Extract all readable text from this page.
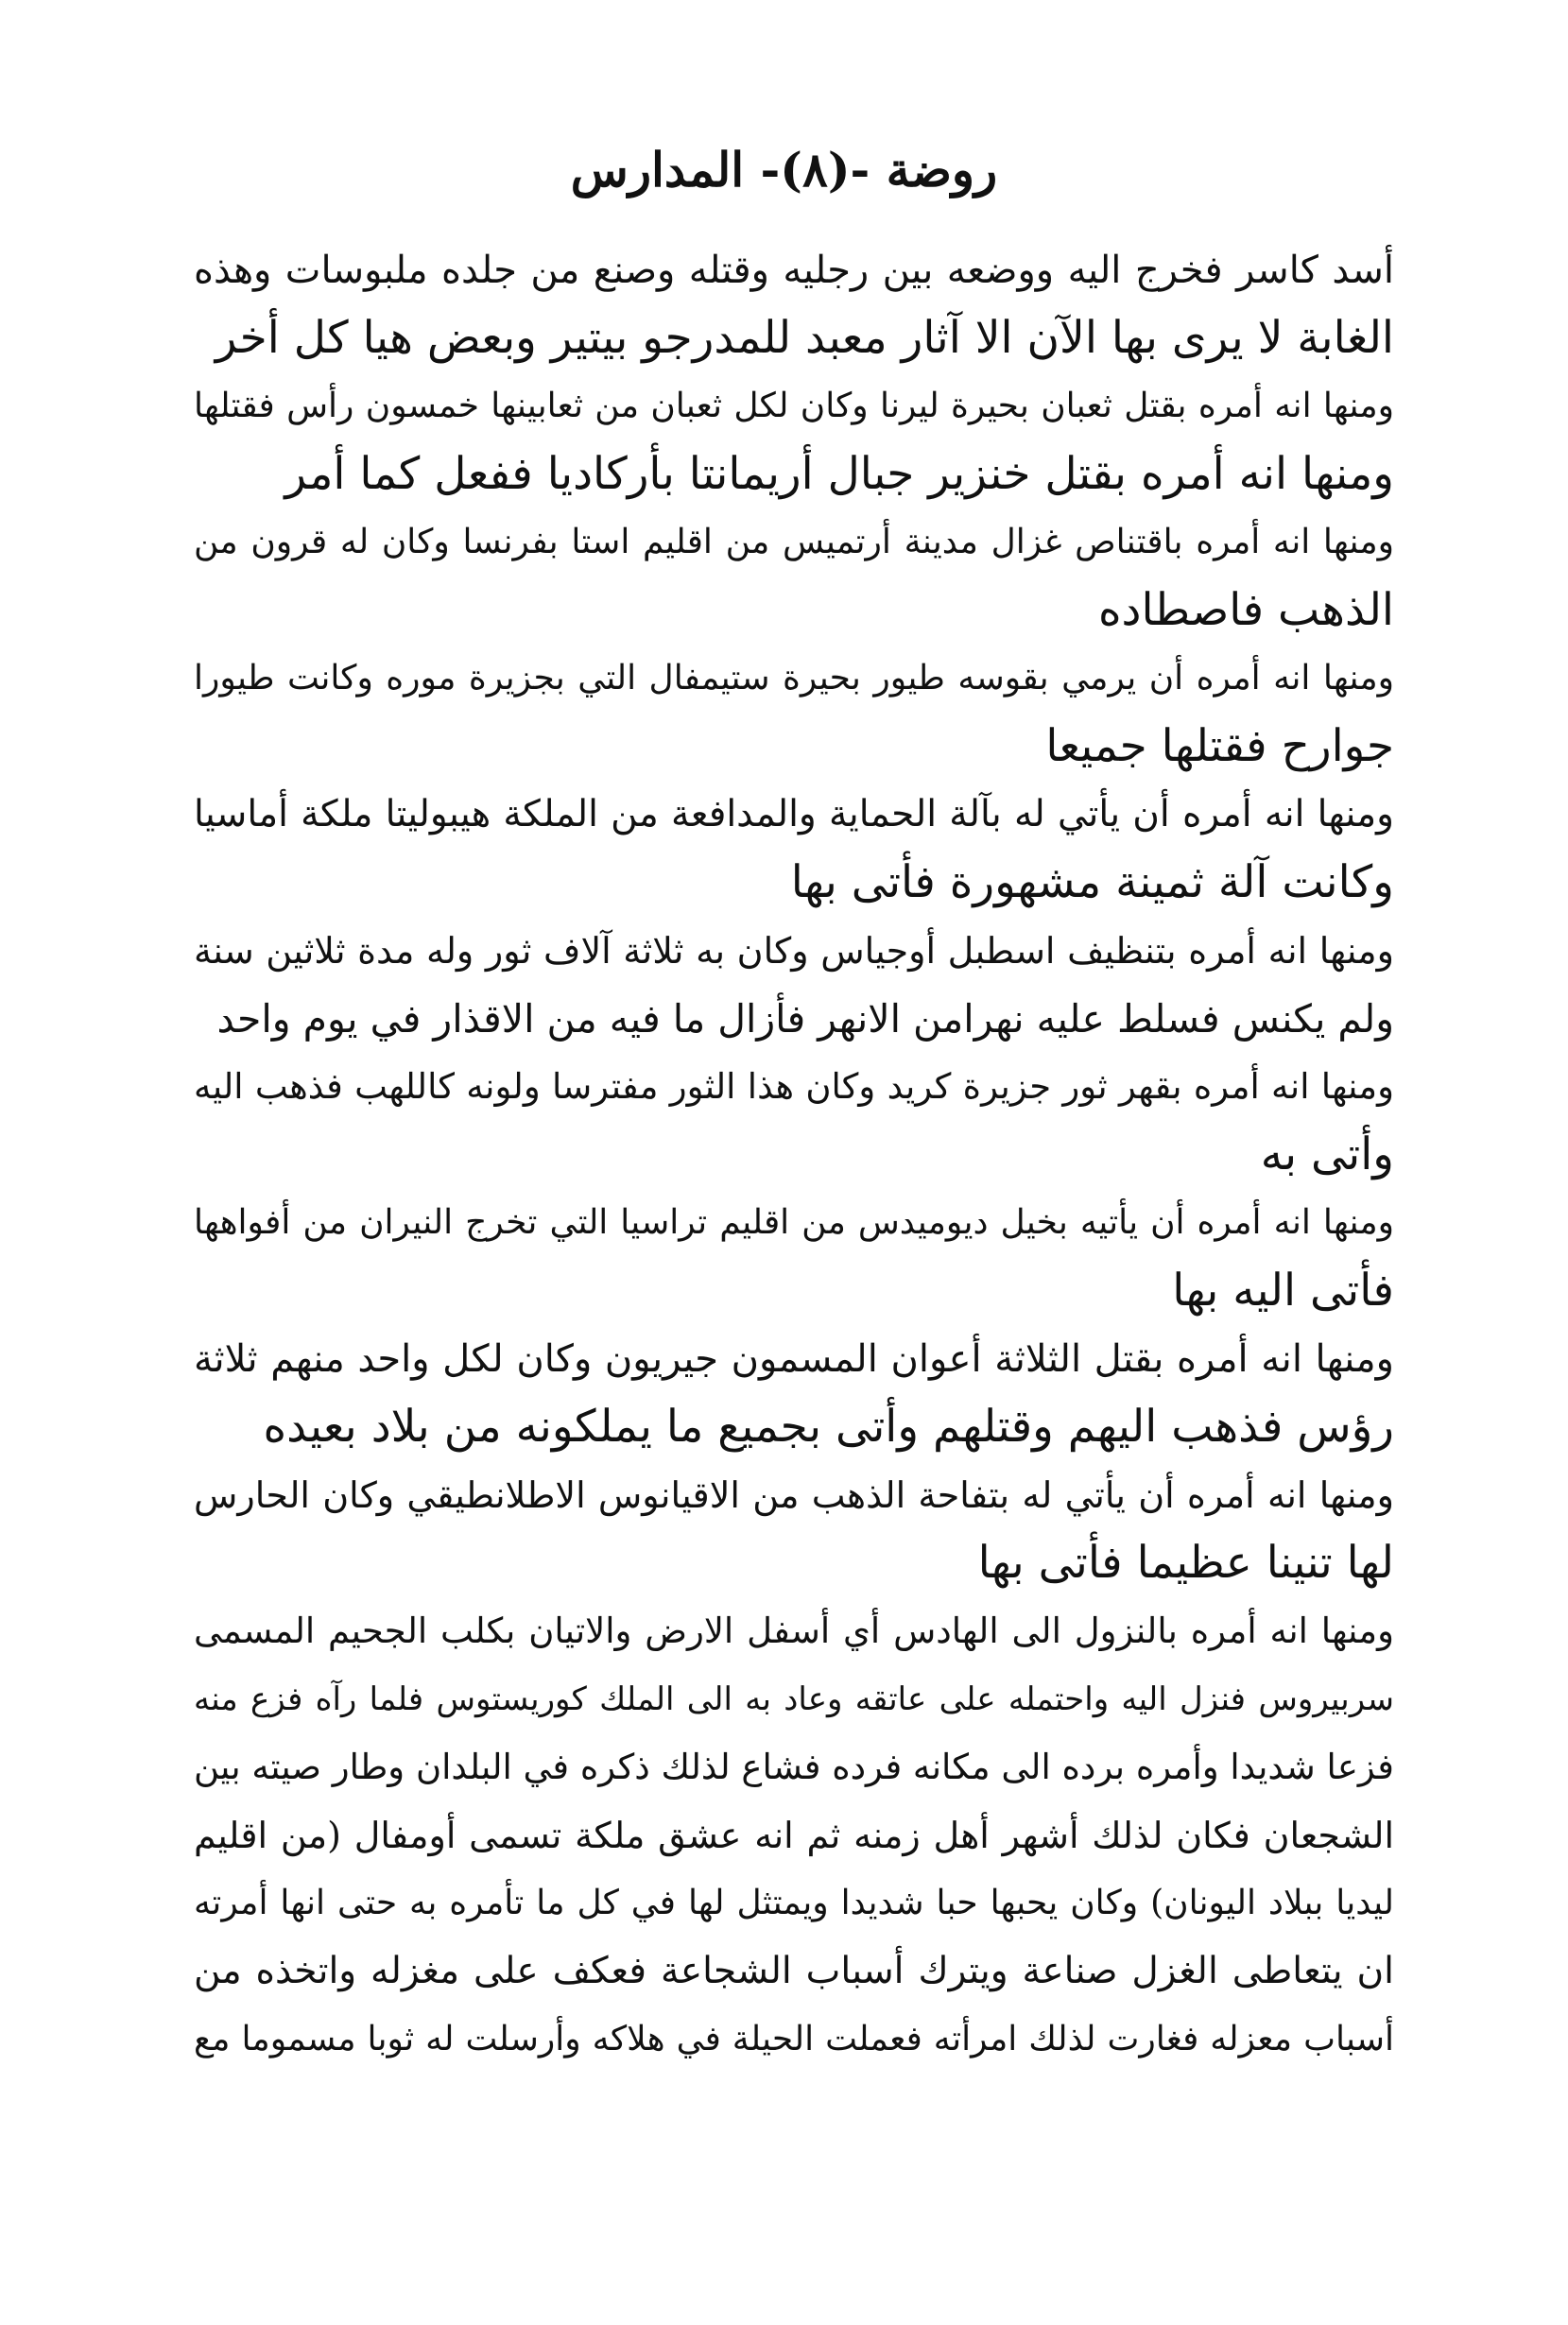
روضة -(٨)- المدارس
أسد كاسر فخرج اليه ووضعه بين رجليه وقتله وصنع من جلده ملبوسات وهذه
الغابة لا يرى بها الآن الا آثار معبد للمدرجو بيتير وبعض هيا كل أخر
ومنها انه أمره بقتل ثعبان بحيرة ليرنا وكان لكل ثعبان من ثعابينها خمسون رأس فقتلها
ومنها انه أمره بقتل خنزير جبال أريمانتا بأركاديا ففعل كما أمر
ومنها انه أمره باقتناص غزال مدينة أرتميس من اقليم استا بفرنسا وكان له قرون من
الذهب فاصطاده
ومنها انه أمره أن يرمي بقوسه طيور بحيرة ستيمفال التي بجزيرة موره وكانت طيورا
جوارح فقتلها جميعا
ومنها انه أمره أن يأتي له بآلة الحماية والمدافعة من الملكة هيبوليتا ملكة أماسيا
وكانت آلة ثمينة مشهورة فأتى بها
ومنها انه أمره بتنظيف اسطبل أوجياس وكان به ثلاثة آلاف ثور وله مدة ثلاثين سنة
ولم يكنس فسلط عليه نهرامن الانهر فأزال ما فيه من الاقذار في يوم واحد
ومنها انه أمره بقهر ثور جزيرة كريد وكان هذا الثور مفترسا ولونه كاللهب فذهب اليه
وأتى به
ومنها انه أمره أن يأتيه بخيل ديوميدس من اقليم تراسيا التي تخرج النيران من أفواهها
فأتى اليه بها
ومنها انه أمره بقتل الثلاثة أعوان المسمون جيريون وكان لكل واحد منهم ثلاثة
رؤس فذهب اليهم وقتلهم وأتى بجميع ما يملكونه من بلاد بعيده
ومنها انه أمره أن يأتي له بتفاحة الذهب من الاقيانوس الاطلانطيقي وكان الحارس
لها تنينا عظيما فأتى بها
ومنها انه أمره بالنزول الى الهادس أي أسفل الارض والاتيان بكلب الجحيم المسمى
سربيروس فنزل اليه واحتمله على عاتقه وعاد به الى الملك كوريستوس فلما رآه فزع منه
فزعا شديدا وأمره برده الى مكانه فرده فشاع لذلك ذكره في البلدان وطار صيته بين
الشجعان فكان لذلك أشهر أهل زمنه ثم انه عشق ملكة تسمى أومفال (من اقليم
ليديا ببلاد اليونان) وكان يحبها حبا شديدا ويمتثل لها في كل ما تأمره به حتى انها أمرته
ان يتعاطى الغزل صناعة ويترك أسباب الشجاعة فعكف على مغزله واتخذه من
أسباب معزله فغارت لذلك امرأته فعملت الحيلة في هلاكه وأرسلت له ثوبا مسموما مع
